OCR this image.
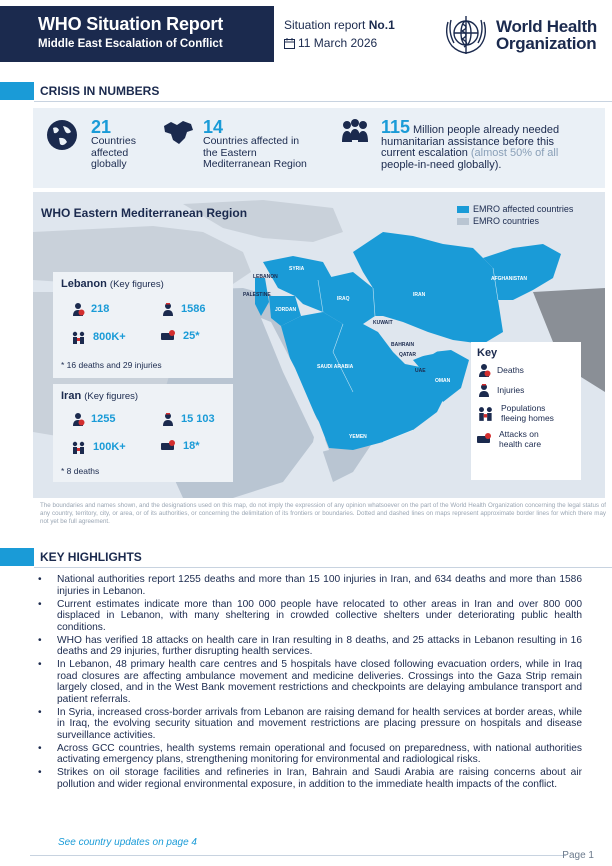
WHO Situation Report
Middle East Escalation of Conflict
Situation report No.1
11 March 2026
World Health
Organization
CRISIS IN NUMBERS
21
Countries
affected
globally
14
Countries affected in
the Eastern
Mediterranean Region
115 Million people already needed
humanitarian assistance before this
current escalation (almost 50% of all
people-in-need globally).
WHO Eastern Mediterranean Region	EMRO affected countries
EMRO countries
SYRIA
LEBANON
PALESTINE
JORDAN
IRAQ
IRAN
AFGHANISTAN
KUWAIT
BAHRAIN
QATAR
UAE
OMAN
SAUDI ARABIA
YEMEN
Lebanon (Key figures)
218	1586
800K+	25*
* 16 deaths and 29 injuries
Iran (Key figures)
1255	15 103
100K+	18*
* 8 deaths
Key
Deaths
Injuries
Populations fleeing homes
Attacks on health care
The boundaries and names shown, and the designations used on this map, do not imply the expression of any opinion whatsoever on the part of the World Health Organization concerning the legal status of any country, territory, city, or area, or of its authorities, or concerning the delimitation of its frontiers or boundaries. Dotted and dashed lines on maps represent approximate border lines for which there may not yet be full agreement.
KEY HIGHLIGHTS
• National authorities report 1255 deaths and more than 15 100 injuries in Iran, and 634 deaths and more than 1586 injuries in Lebanon.
• Current estimates indicate more than 100 000 people have relocated to other areas in Iran and over 800 000 displaced in Lebanon, with many sheltering in crowded collective shelters under deteriorating public health conditions.
• WHO has verified 18 attacks on health care in Iran resulting in 8 deaths, and 25 attacks in Lebanon resulting in 16 deaths and 29 injuries, further disrupting health services.
• In Lebanon, 48 primary health care centres and 5 hospitals have closed following evacuation orders, while in Iraq road closures are affecting ambulance movement and medicine deliveries. Crossings into the Gaza Strip remain largely closed, and in the West Bank movement restrictions and checkpoints are delaying ambulance transport and patient referrals.
• In Syria, increased cross-border arrivals from Lebanon are raising demand for health services at border areas, while in Iraq, the evolving security situation and movement restrictions are placing pressure on hospitals and disease surveillance activities.
• Across GCC countries, health systems remain operational and focused on preparedness, with national authorities activating emergency plans, strengthening monitoring for environmental and radiological risks.
• Strikes on oil storage facilities and refineries in Iran, Bahrain and Saudi Arabia are raising concerns about air pollution and wider regional environmental exposure, in addition to the immediate health impacts of the conflict.
See country updates on page 4
Page 1
